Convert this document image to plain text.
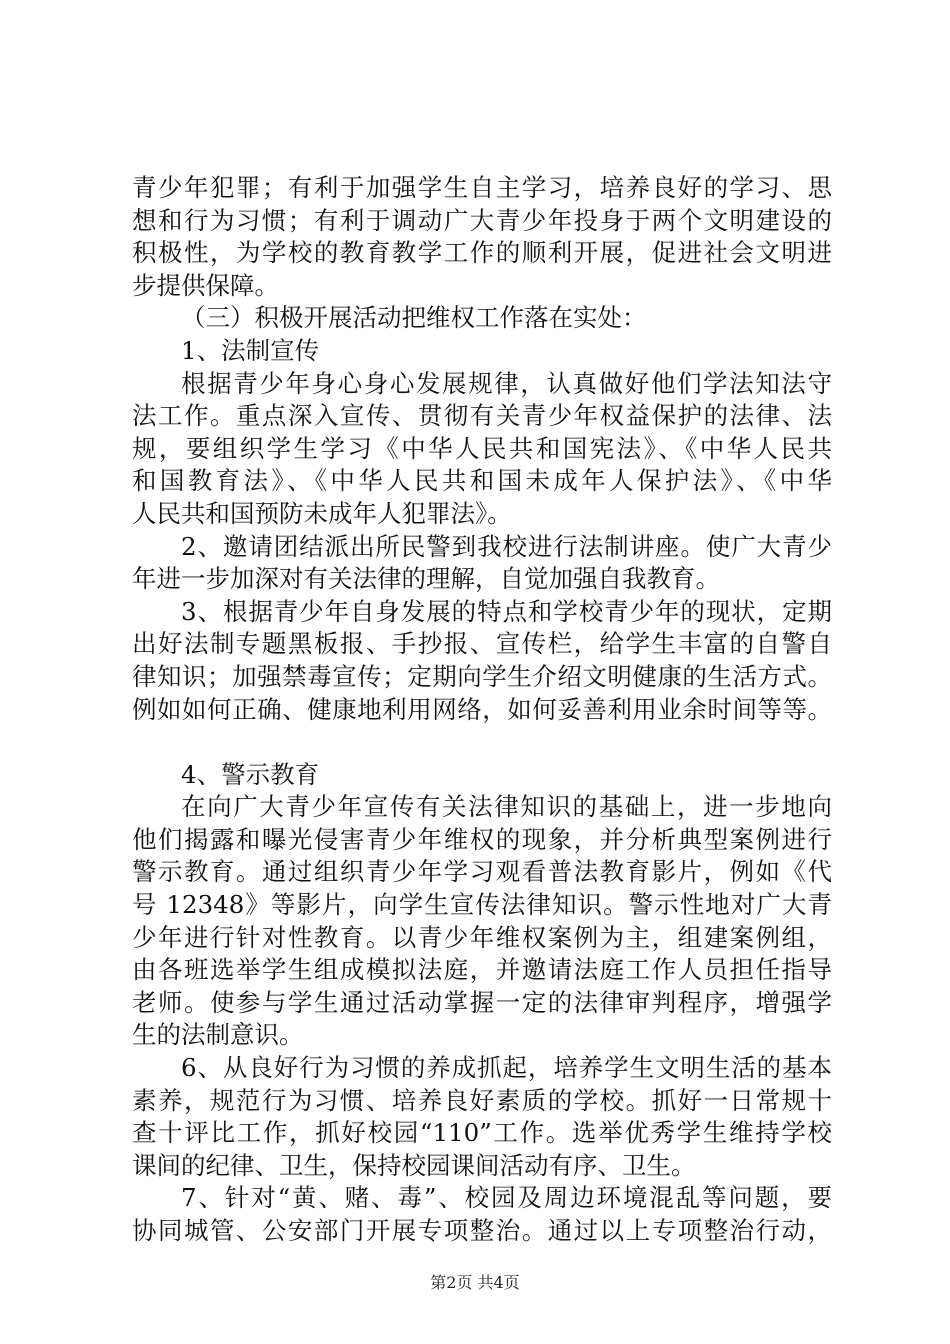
青少年犯罪；有利于加强学生自主学习，培养良好的学习、思
想和行为习惯；有利于调动广大青少年投身于两个文明建设的
积极性，为学校的教育教学工作的顺利开展，促进社会文明进
步提供保障。
（三）积极开展活动把维权工作落在实处：
1、法制宣传
根据青少年身心身心发展规律，认真做好他们学法知法守
法工作。重点深入宣传、贯彻有关青少年权益保护的法律、法
规，要组织学生学习《中华人民共和国宪法》、《中华人民共
和国教育法》、《中华人民共和国未成年人保护法》、《中华
人民共和国预防未成年人犯罪法》。
2、邀请团结派出所民警到我校进行法制讲座。使广大青少
年进一步加深对有关法律的理解，自觉加强自我教育。
3、根据青少年自身发展的特点和学校青少年的现状，定期
出好法制专题黑板报、手抄报、宣传栏，给学生丰富的自警自
律知识；加强禁毒宣传；定期向学生介绍文明健康的生活方式。
例如如何正确、健康地利用网络，如何妥善利用业余时间等等。
4、警示教育
在向广大青少年宣传有关法律知识的基础上，进一步地向
他们揭露和曝光侵害青少年维权的现象，并分析典型案例进行
警示教育。通过组织青少年学习观看普法教育影片，例如《代
号 12348》等影片，向学生宣传法律知识。警示性地对广大青
少年进行针对性教育。以青少年维权案例为主，组建案例组，
由各班选举学生组成模拟法庭，并邀请法庭工作人员担任指导
老师。使参与学生通过活动掌握一定的法律审判程序，增强学
生的法制意识。
6、从良好行为习惯的养成抓起，培养学生文明生活的基本
素养，规范行为习惯、培养良好素质的学校。抓好一日常规十
查十评比工作，抓好校园“110”工作。选举优秀学生维持学校
课间的纪律、卫生，保持校园课间活动有序、卫生。
7、针对“黄、赌、毒”、校园及周边环境混乱等问题，要
协同城管、公安部门开展专项整治。通过以上专项整治行动，
第2页 共4页
